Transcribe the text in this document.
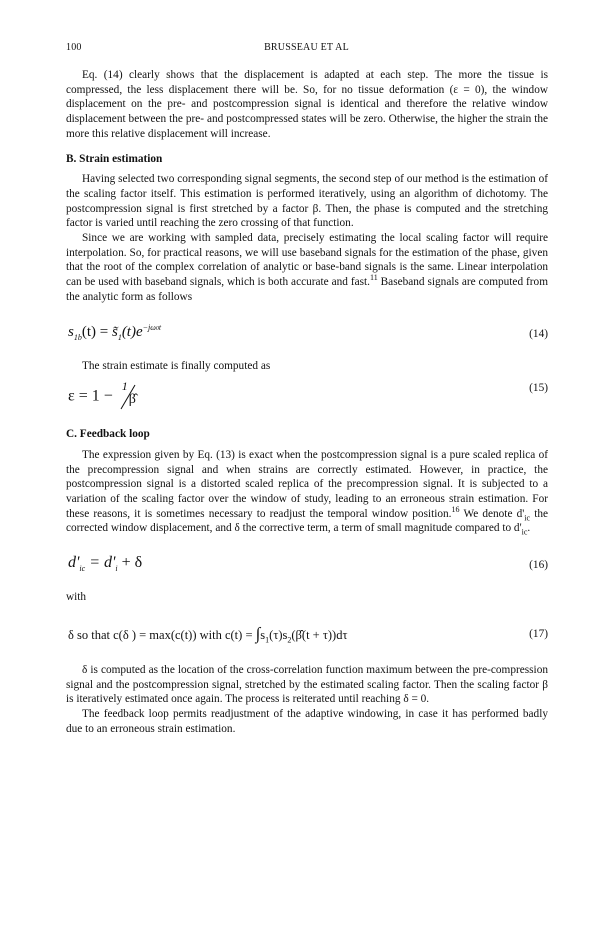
100	BRUSSEAU ET AL

Eq. (14) clearly shows that the displacement is adapted at each step. The more the tissue is compressed, the less displacement there will be. So, for no tissue deformation (ε = 0), the window displacement on the pre- and postcompression signal is identical and therefore the relative window displacement between the pre- and postcompressed states will be zero. Otherwise, the higher the strain the more this relative displacement will increase.

B. Strain estimation

Having selected two corresponding signal segments, the second step of our method is the estimation of the scaling factor itself. This estimation is performed iteratively, using an algorithm of dichotomy. The postcompression signal is first stretched by a factor β. Then, the phase is computed and the stretching factor is varied until reaching the zero crossing of that function.

Since we are working with sampled data, precisely estimating the local scaling factor will require interpolation. So, for practical reasons, we will use baseband signals for the estimation of the phase, given that the root of the complex correlation of analytic or base-band signals is the same. Linear interpolation can be used with baseband signals, which is both accurate and fast.$^{11}$ Baseband signals are computed from the analytic form as follows

$s_{1b}(t)$ = $s̃_1(t)e^{-j\omega 0t}$
(14)

The strain estimate is finally computed as

ε = 1 −
1
β̂
(15)
C. Feedback loop

The expression given by Eq. (13) is exact when the postcompression signal is a pure scaled replica of the precompression signal and when strains are correctly estimated. However, in practice, the postcompression signal is a distorted scaled replica of the precompression signal. It is subjected to a variation of the scaling factor over the window of study, leading to an erroneous strain estimation. For these reasons, it is sometimes necessary to readjust the temporal window position.$^{16}$ We denote $d'_{ic}$ the corrected window displacement, and δ the corrective term, a term of small magnitude compared to $d'_{ic}$.

$d'_{ic} = d'_i + \delta$	(16)

with

δ so that c(δ ) = max(c(t)) with $c(t) = \int s_1(\tau)s_2(\betâ(t + \tau))d\tau$	(17)

δ is computed as the location of the cross-correlation function maximum between the pre-compression signal and the postcompression signal, stretched by the estimated scaling factor. Then the scaling factor β is iteratively estimated once again. The process is reiterated until reaching δ = 0.

The feedback loop permits readjustment of the adaptive windowing, in case it has performed badly due to an erroneous strain estimation.
